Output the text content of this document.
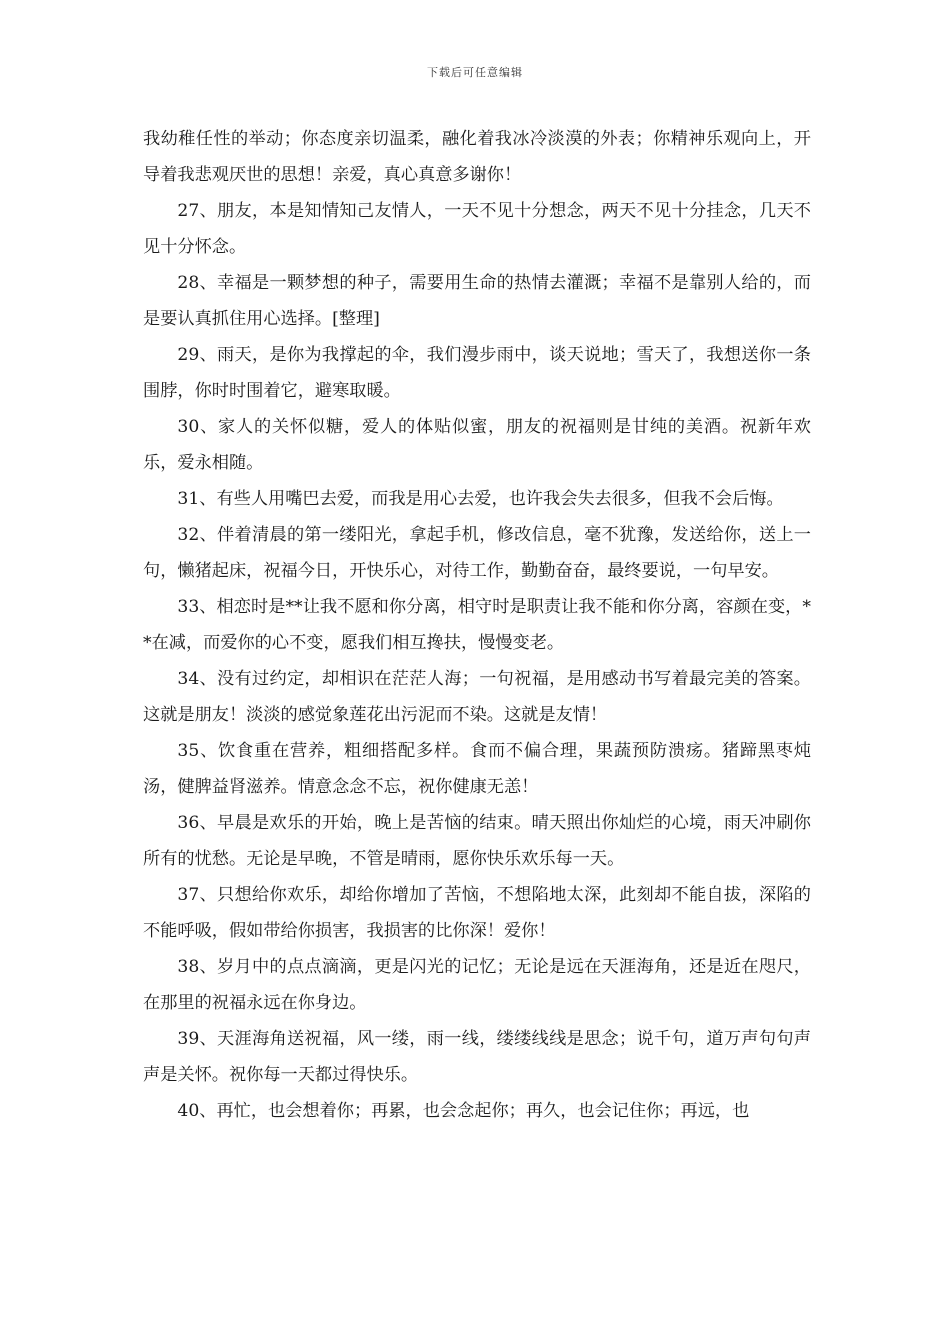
下载后可任意编辑

我幼稚任性的举动；你态度亲切温柔，融化着我冰冷淡漠的外表；你精神乐观向上，开导着我悲观厌世的思想！亲爱，真心真意多谢你！

27、朋友，本是知情知己友情人，一天不见十分想念，两天不见十分挂念，几天不见十分怀念。

28、幸福是一颗梦想的种子，需要用生命的热情去灌溉；幸福不是靠别人给的，而是要认真抓住用心选择。[整理]

29、雨天，是你为我撑起的伞，我们漫步雨中，谈天说地；雪天了，我想送你一条围脖，你时时围着它，避寒取暖。

30、家人的关怀似糖，爱人的体贴似蜜，朋友的祝福则是甘纯的美酒。祝新年欢乐，爱永相随。

31、有些人用嘴巴去爱，而我是用心去爱，也许我会失去很多，但我不会后悔。

32、伴着清晨的第一缕阳光，拿起手机，修改信息，毫不犹豫，发送给你，送上一句，懒猪起床，祝福今日，开快乐心，对待工作，勤勤奋奋，最终要说，一句早安。

33、相恋时是**让我不愿和你分离，相守时是职责让我不能和你分离，容颜在变，**在减，而爱你的心不变，愿我们相互搀扶，慢慢变老。

34、没有过约定，却相识在茫茫人海；一句祝福，是用感动书写着最完美的答案。这就是朋友！淡淡的感觉象莲花出污泥而不染。这就是友情！

35、饮食重在营养，粗细搭配多样。食而不偏合理，果蔬预防溃疡。猪蹄黑枣炖汤，健脾益肾滋养。情意念念不忘，祝你健康无恙！

36、早晨是欢乐的开始，晚上是苦恼的结束。晴天照出你灿烂的心境，雨天冲刷你所有的忧愁。无论是早晚，不管是晴雨，愿你快乐欢乐每一天。

37、只想给你欢乐，却给你增加了苦恼，不想陷地太深，此刻却不能自拔，深陷的不能呼吸，假如带给你损害，我损害的比你深！爱你！

38、岁月中的点点滴滴，更是闪光的记忆；无论是远在天涯海角，还是近在咫尺，在那里的祝福永远在你身边。

39、天涯海角送祝福，风一缕，雨一线，缕缕线线是思念；说千句，道万声句句声声是关怀。祝你每一天都过得快乐。

40、再忙，也会想着你；再累，也会念起你；再久，也会记住你；再远，也
